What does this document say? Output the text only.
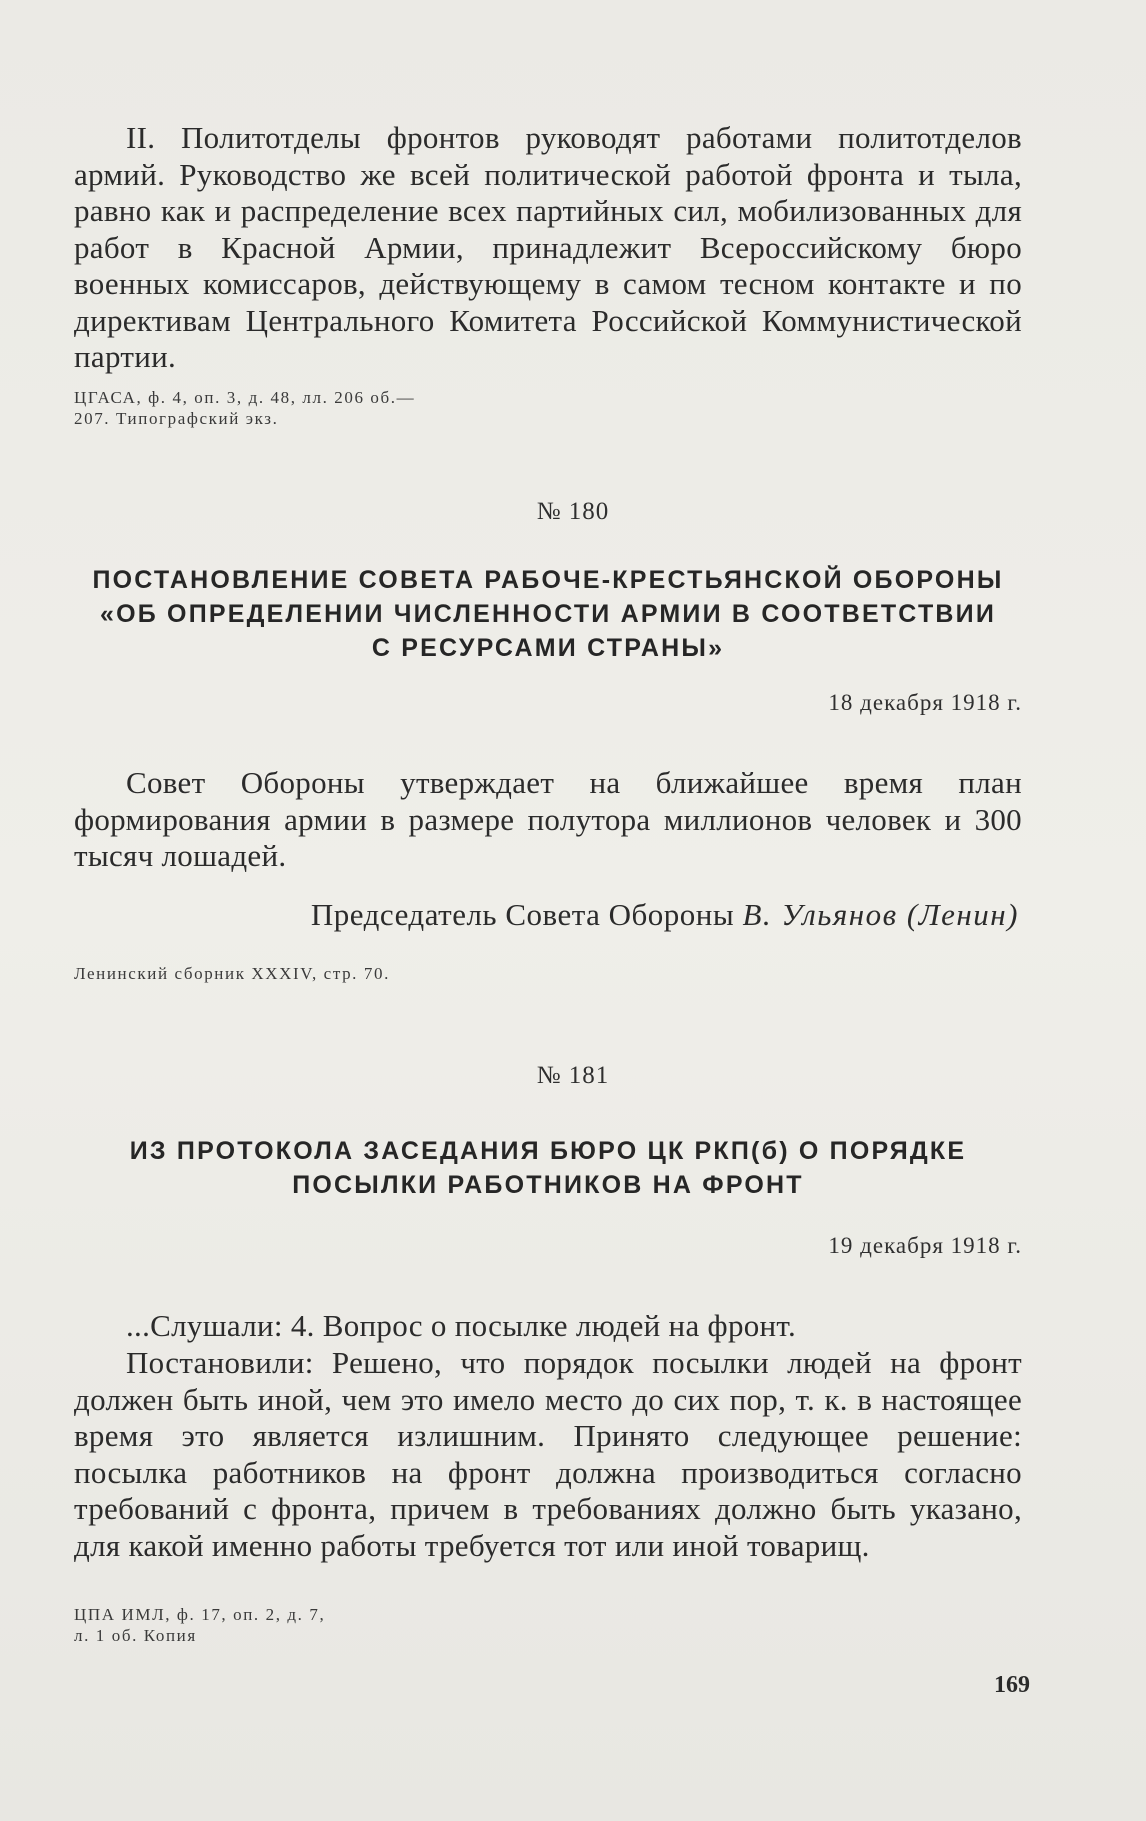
II. Политотделы фронтов руководят работами политотделов армий. Руководство же всей политической работой фронта и тыла, равно как и распределение всех партийных сил, мобилизованных для работ в Красной Армии, принадлежит Всероссийскому бюро военных комиссаров, действующему в самом тесном контакте и по директивам Центрального Комитета Российской Коммунистической партии.
ЦГАСА, ф. 4, оп. 3, д. 48, лл. 206 об.—
207. Типографский экз.
№ 180
ПОСТАНОВЛЕНИЕ СОВЕТА РАБОЧЕ-КРЕСТЬЯНСКОЙ ОБОРОНЫ
«ОБ ОПРЕДЕЛЕНИИ ЧИСЛЕННОСТИ АРМИИ В СООТВЕТСТВИИ
С РЕСУРСАМИ СТРАНЫ»
18 декабря 1918 г.
Совет Обороны утверждает на ближайшее время план формирования армии в размере полутора миллионов человек и 300 тысяч лошадей.
Председатель Совета Обороны В. Ульянов (Ленин)
Ленинский сборник XXXIV, стр. 70.
№ 181
ИЗ ПРОТОКОЛА ЗАСЕДАНИЯ БЮРО ЦК РКП(б) О ПОРЯДКЕ
ПОСЫЛКИ РАБОТНИКОВ НА ФРОНТ
19 декабря 1918 г.
...Слушали: 4. Вопрос о посылке людей на фронт.
Постановили: Решено, что порядок посылки людей на фронт должен быть иной, чем это имело место до сих пор, т. к. в настоящее время это является излишним. Принято следующее решение: посылка работников на фронт должна производиться согласно требований с фронта, причем в требованиях должно быть указано, для какой именно работы требуется тот или иной товарищ.
ЦПА ИМЛ, ф. 17, оп. 2, д. 7,
л. 1 об. Копия
169
